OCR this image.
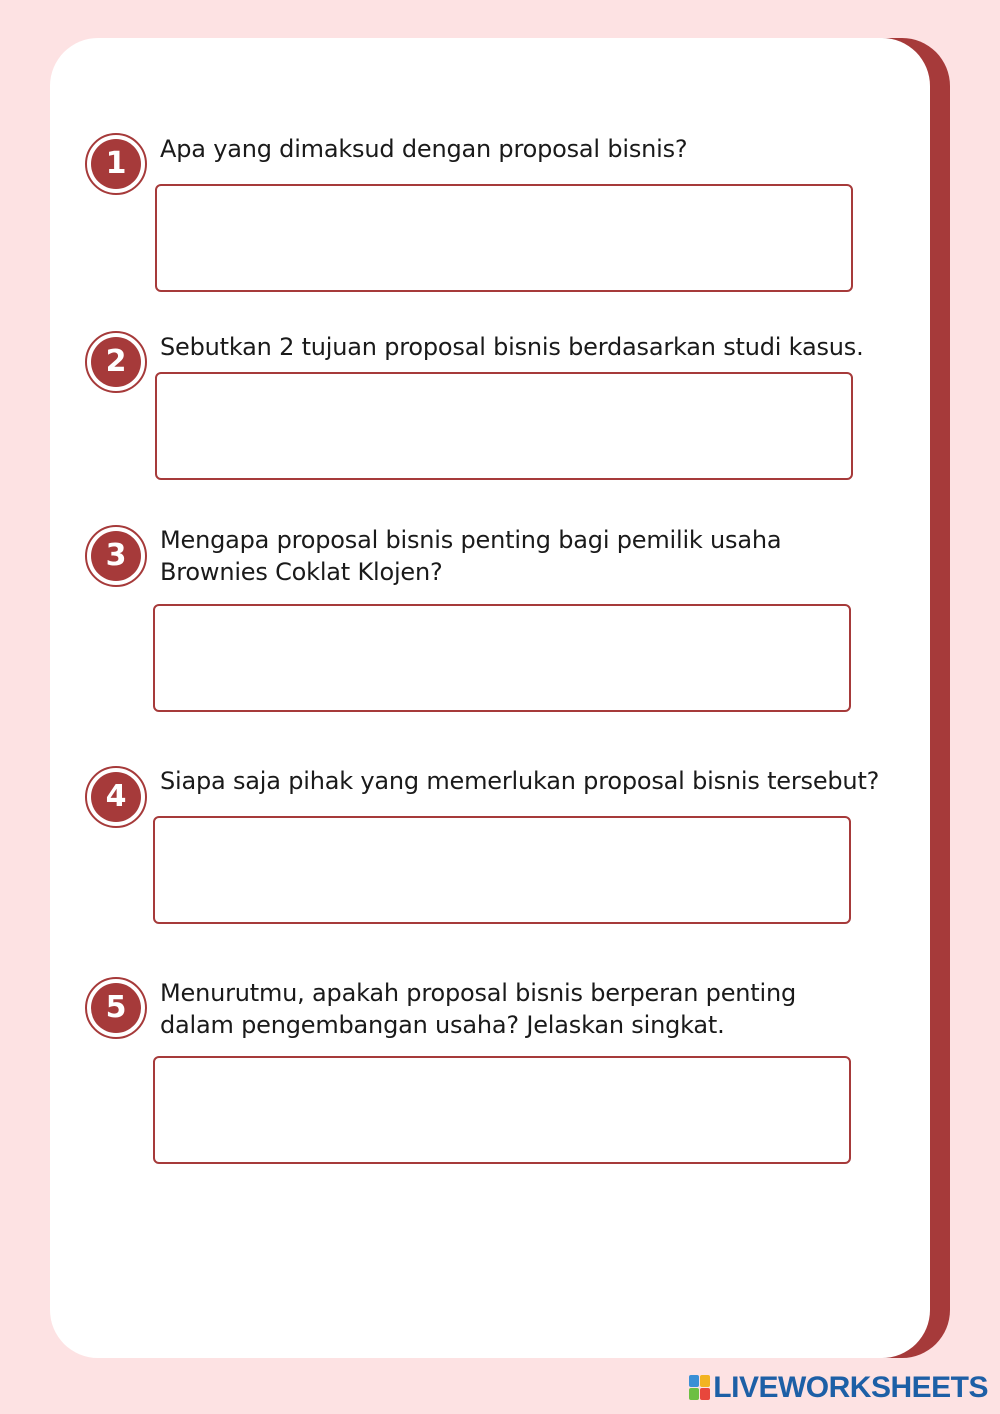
1	Apa yang dimaksud dengan proposal bisnis?
2	Sebutkan 2 tujuan proposal bisnis berdasarkan studi kasus.
3	Mengapa proposal bisnis penting bagi pemilik usaha Brownies Coklat Klojen?
4	Siapa saja pihak yang memerlukan proposal bisnis tersebut?
5	Menurutmu, apakah proposal bisnis berperan penting dalam pengembangan usaha? Jelaskan singkat.
LIVEWORKSHEETS
